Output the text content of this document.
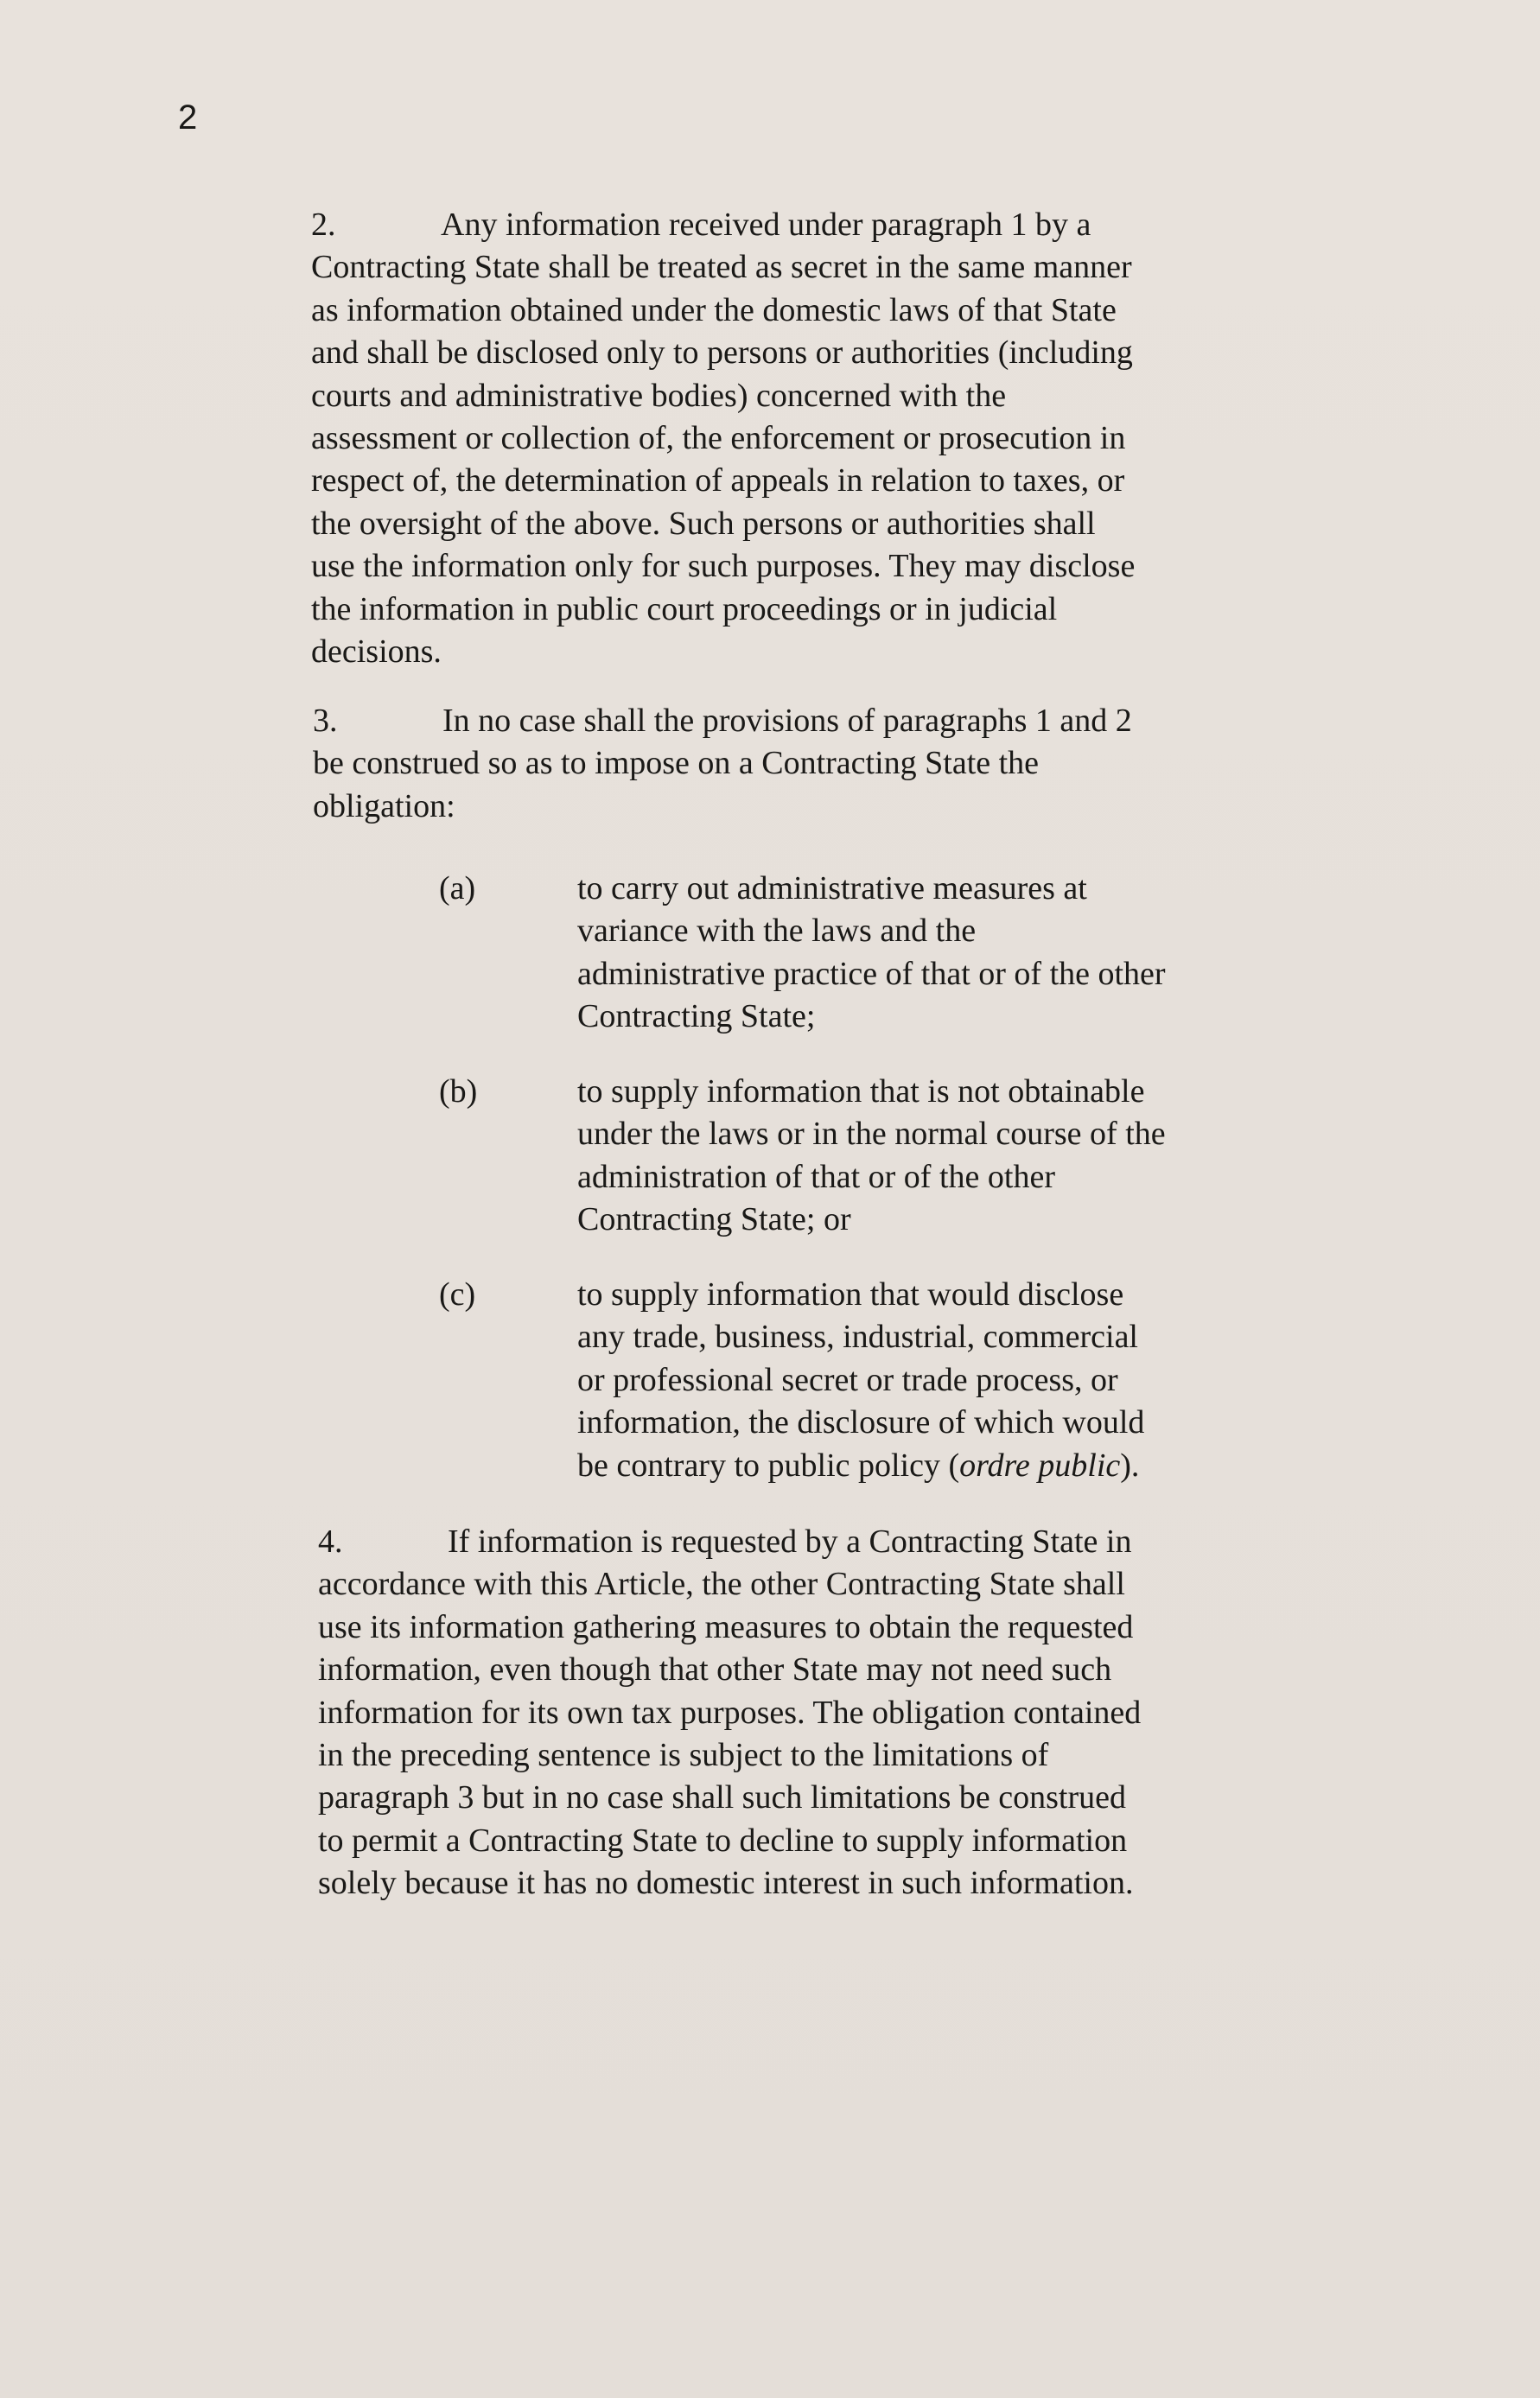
2
2.	Any information received under paragraph 1 by a
Contracting State shall be treated as secret in the same manner
as information obtained under the domestic laws of that State
and shall be disclosed only to persons or authorities (including
courts and administrative bodies) concerned with the
assessment or collection of, the enforcement or prosecution in
respect of, the determination of appeals in relation to taxes, or
the oversight of the above. Such persons or authorities shall
use the information only for such purposes. They may disclose
the information in public court proceedings or in judicial
decisions.
3.	In no case shall the provisions of paragraphs 1 and 2
be construed so as to impose on a Contracting State the
obligation:
(a)	to carry out administrative measures at
variance with the laws and the
administrative practice of that or of the other
Contracting State;
(b)	to supply information that is not obtainable
under the laws or in the normal course of the
administration of that or of the other
Contracting State; or
(c)	to supply information that would disclose
any trade, business, industrial, commercial
or professional secret or trade process, or
information, the disclosure of which would
be contrary to public policy (ordre public).
4.	If information is requested by a Contracting State in
accordance with this Article, the other Contracting State shall
use its information gathering measures to obtain the requested
information, even though that other State may not need such
information for its own tax purposes. The obligation contained
in the preceding sentence is subject to the limitations of
paragraph 3 but in no case shall such limitations be construed
to permit a Contracting State to decline to supply information
solely because it has no domestic interest in such information.
